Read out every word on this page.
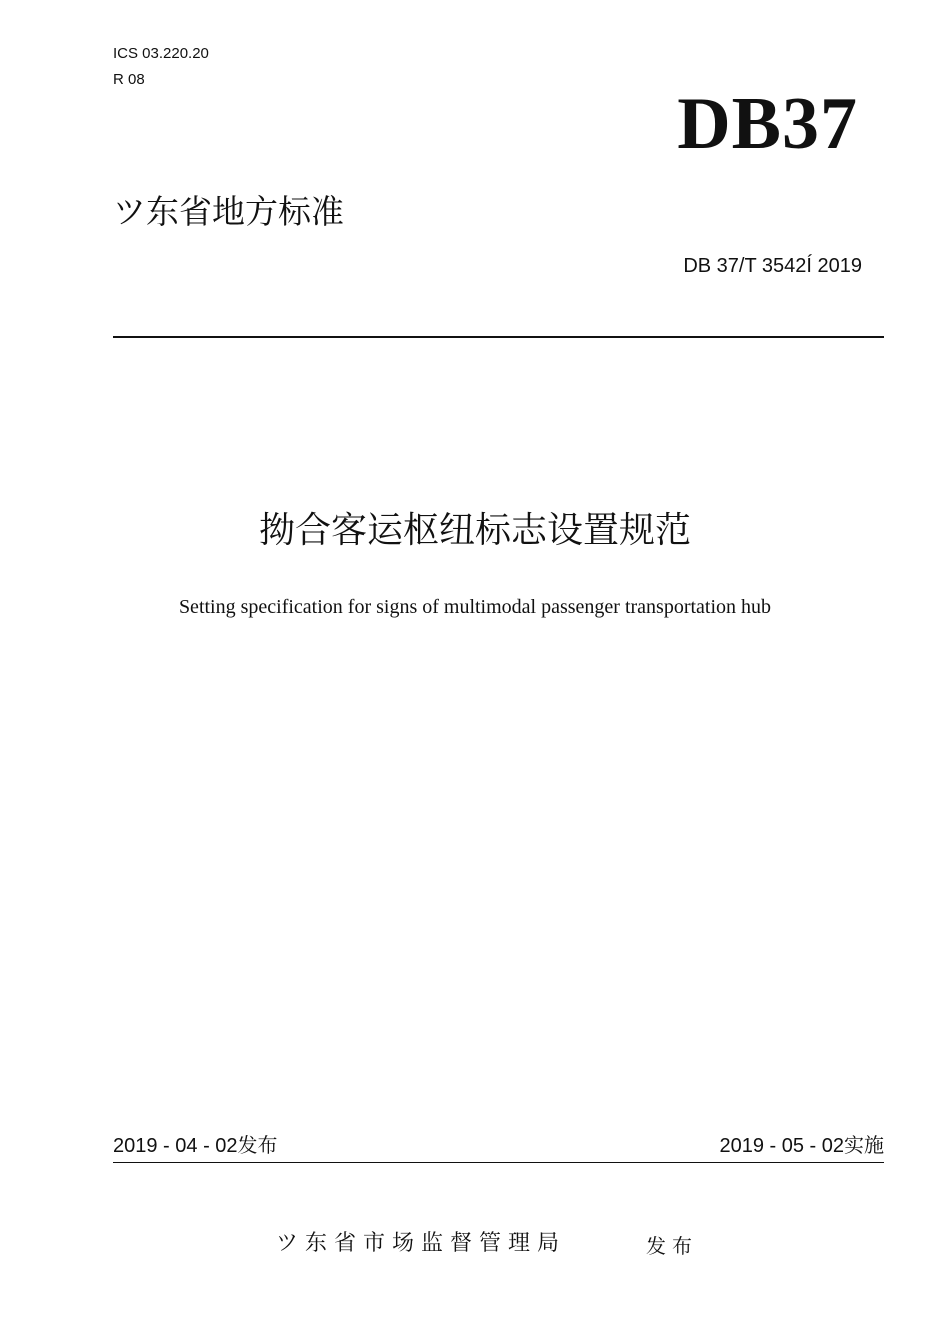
ICS 03.220.20
R 08
DB37
ツ东省地方标准
DB 37/T 3542Í 2019
拗合客运枢纽标志设置规范
Setting specification for signs of multimodal passenger transportation hub
2019 - 04 - 02发布	2019 - 05 - 02实施
ツ东省市场监督管理局	发布
